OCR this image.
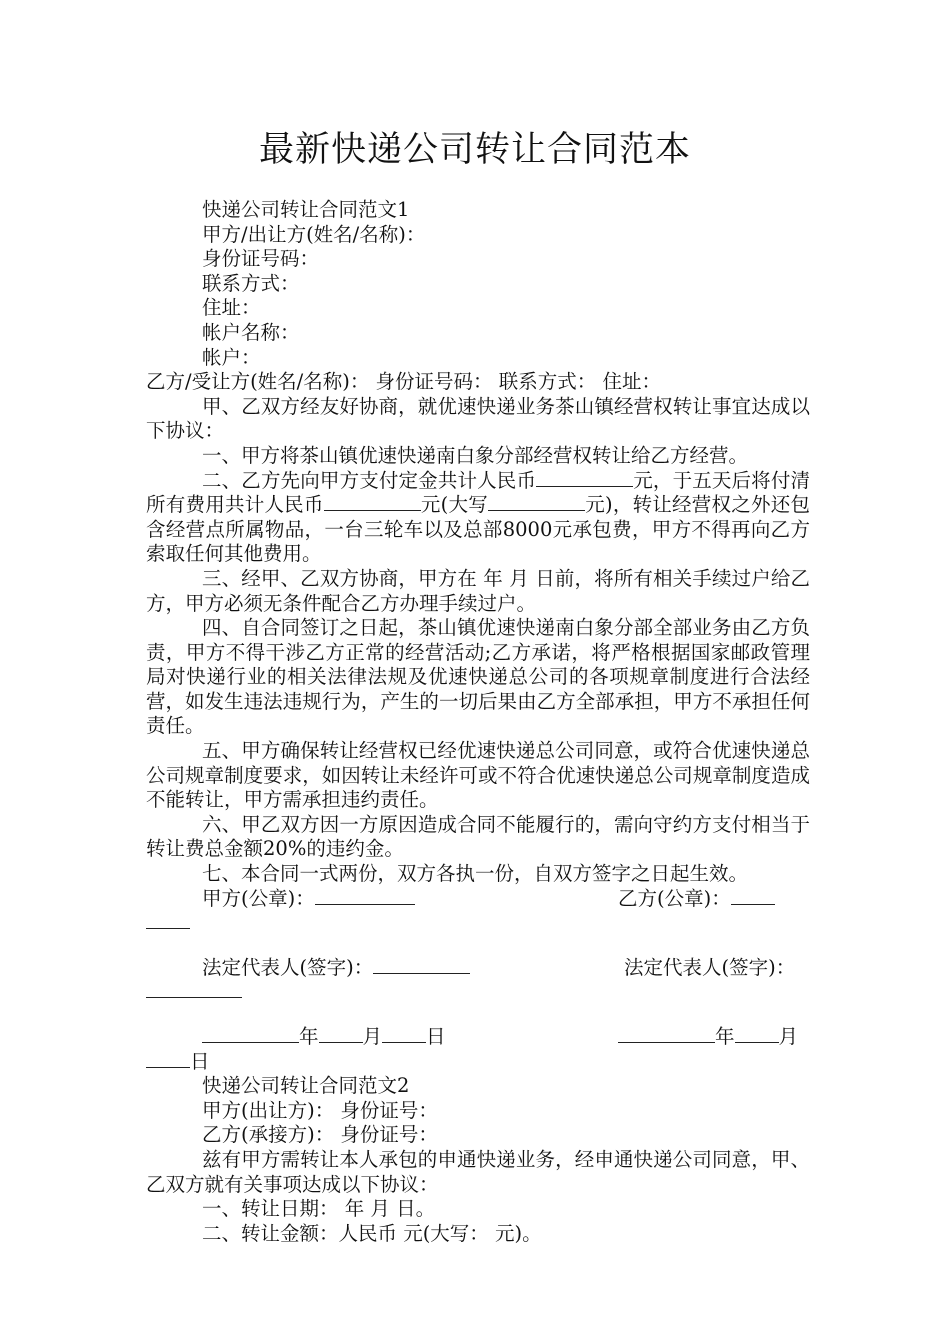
最新快递公司转让合同范本

快递公司转让合同范文1

甲方/出让方(姓名/名称)：

身份证号码：

联系方式：

住址：

帐户名称：

帐户：

乙方/受让方(姓名/名称)： 身份证号码： 联系方式： 住址：

甲、乙双方经友好协商，就优速快递业务茶山镇经营权转让事宜达成以下协议：

一、甲方将茶山镇优速快递南白象分部经营权转让给乙方经营。

二、乙方先向甲方支付定金共计人民币	元，于五天后将付清所有费用共计人民币	元(大写	元)，转让经营权之外还包含经营点所属物品，一台三轮车以及总部8000元承包费，甲方不得再向乙方索取任何其他费用。

三、经甲、乙双方协商，甲方在 年 月 日前，将所有相关手续过户给乙方，甲方必须无条件配合乙方办理手续过户。

四、自合同签订之日起，茶山镇优速快递南白象分部全部业务由乙方负责，甲方不得干涉乙方正常的经营活动;乙方承诺，将严格根据国家邮政管理局对快递行业的相关法律法规及优速快递总公司的各项规章制度进行合法经营，如发生违法违规行为，产生的一切后果由乙方全部承担，甲方不承担任何责任。

五、甲方确保转让经营权已经优速快递总公司同意，或符合优速快递总公司规章制度要求，如因转让未经许可或不符合优速快递总公司规章制度造成不能转让，甲方需承担违约责任。

六、甲乙双方因一方原因造成合同不能履行的，需向守约方支付相当于转让费总金额20%的违约金。

七、本合同一式两份，双方各执一份，自双方签字之日起生效。

甲方(公章)：	乙方(公章)：
法定代表人(签字)：	法定代表人(签字)：
年 月 日	年 月
日

快递公司转让合同范文2

甲方(出让方)： 身份证号：

乙方(承接方)： 身份证号：

兹有甲方需转让本人承包的申通快递业务，经申通快递公司同意，甲、乙双方就有关事项达成以下协议：

一、转让日期： 年 月 日。

二、转让金额：人民币 元(大写： 元)。
